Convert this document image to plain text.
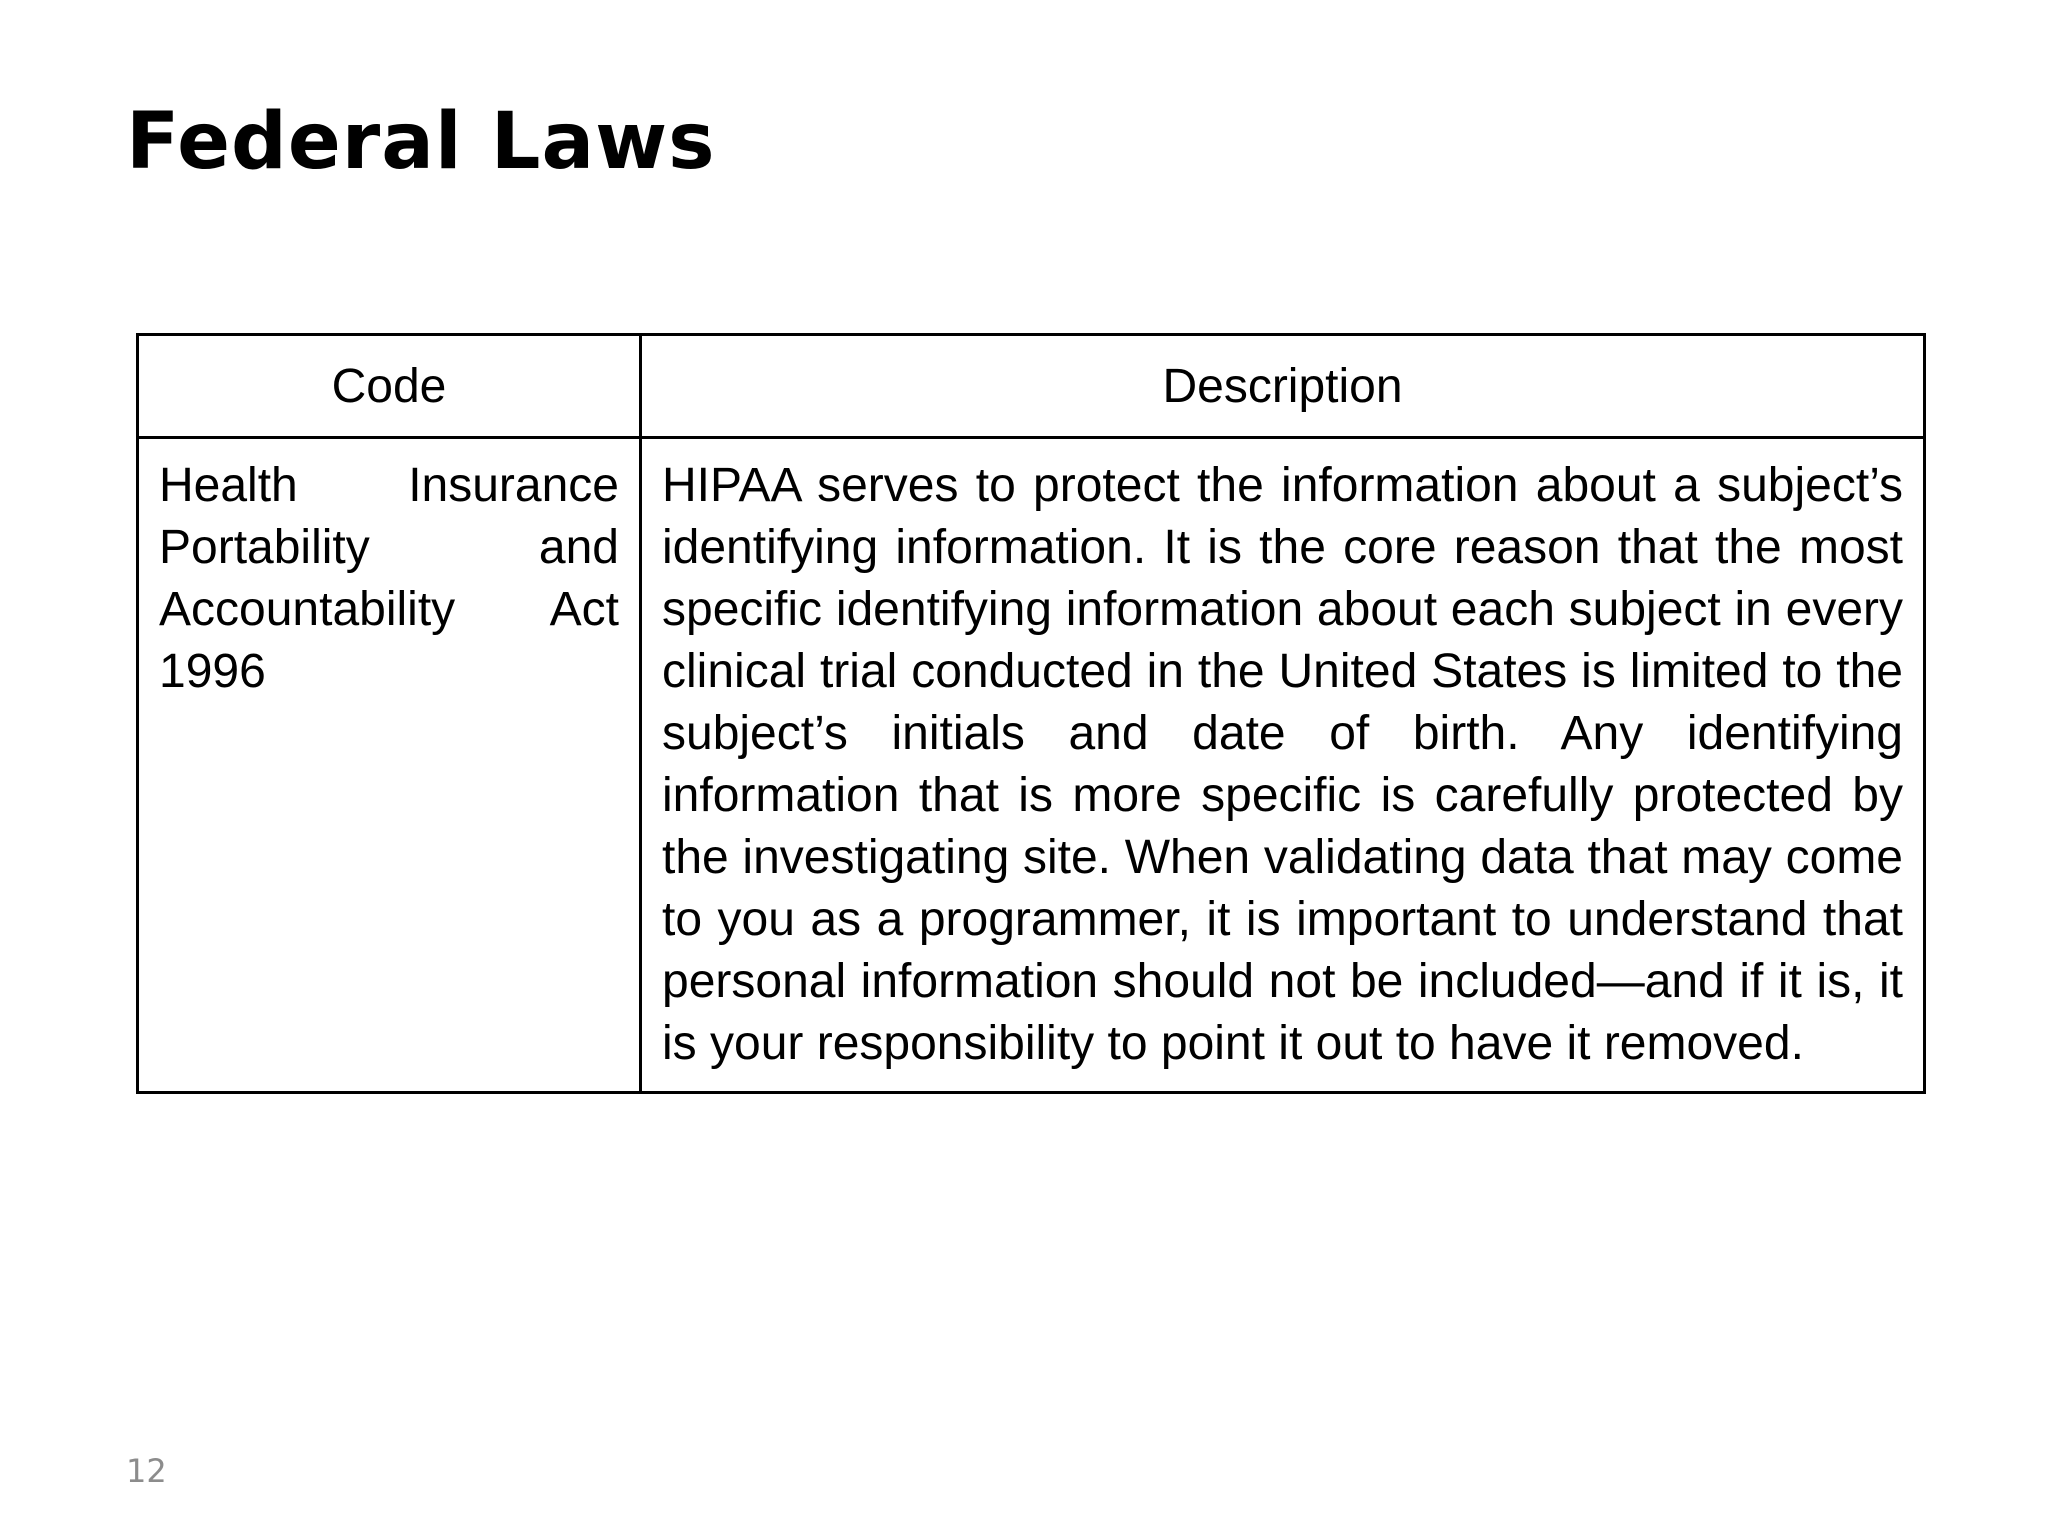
Federal Laws
Code	Description
Health Insurance Portability and Accountability Act 1996	HIPAA serves to protect the information about a subject’s identifying information. It is the core reason that the most specific identifying information about each subject in every clinical trial conducted in the United States is limited to the subject’s initials and date of birth. Any identifying information that is more specific is carefully protected by the investigating site. When validating data that may come to you as a programmer, it is important to understand that personal information should not be included—and if it is, it is your responsibility to point it out to have it removed.
12
